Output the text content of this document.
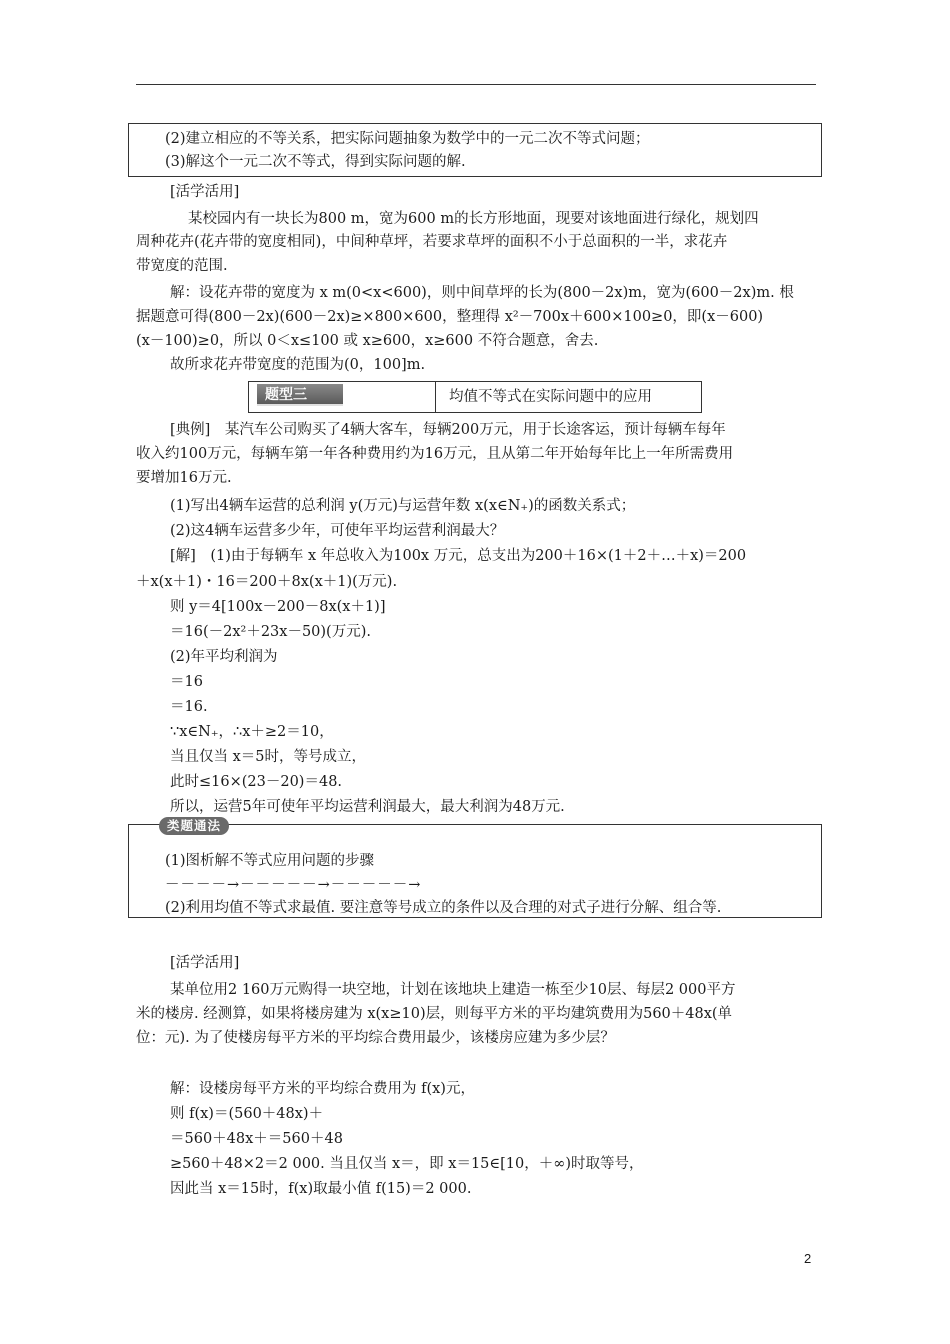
(2)建立相应的不等关系，把实际问题抽象为数学中的一元二次不等式问题；
(3)解这个一元二次不等式，得到实际问题的解.
[活学活用]
某校园内有一块长为800 m，宽为600 m的长方形地面，现要对该地面进行绿化，规划四
周种花卉(花卉带的宽度相同)，中间种草坪，若要求草坪的面积不小于总面积的一半，求花卉
带宽度的范围.
解：设花卉带的宽度为 x m(0<x<600)，则中间草坪的长为(800－2x)m，宽为(600－2x)m. 根
据题意可得(800－2x)(600－2x)≥×800×600，整理得 x²－700x＋600×100≥0，即(x－600)
(x－100)≥0，所以 0＜x≤100 或 x≥600，x≥600 不符合题意，舍去.
故所求花卉带宽度的范围为(0，100]m.
题型三	均值不等式在实际问题中的应用
[典例]　某汽车公司购买了4辆大客车，每辆200万元，用于长途客运，预计每辆车每年
收入约100万元，每辆车第一年各种费用约为16万元，且从第二年开始每年比上一年所需费用
要增加16万元.
(1)写出4辆车运营的总利润 y(万元)与运营年数 x(x∈N₊)的函数关系式；
(2)这4辆车运营多少年，可使年平均运营利润最大？
[解]　(1)由于每辆车 x 年总收入为100x 万元，总支出为200＋16×(1＋2＋…＋x)＝200
＋x(x＋1)・16＝200＋8x(x＋1)(万元).
则 y＝4[100x－200－8x(x＋1)]
＝16(－2x²＋23x－50)(万元).
(2)年平均利润为
＝16
＝16.
∵x∈N₊，∴x＋≥2＝10，
当且仅当 x＝5时，等号成立，
此时≤16×(23－20)＝48.
所以，运营5年可使年平均运营利润最大，最大利润为48万元.
类题通法
(1)图析解不等式应用问题的步骤
－－－－→－－－－－→－－－－－→
(2)利用均值不等式求最值. 要注意等号成立的条件以及合理的对式子进行分解、组合等.
[活学活用]
某单位用2 160万元购得一块空地，计划在该地块上建造一栋至少10层、每层2 000平方
米的楼房. 经测算，如果将楼房建为 x(x≥10)层，则每平方米的平均建筑费用为560＋48x(单
位：元). 为了使楼房每平方米的平均综合费用最少，该楼房应建为多少层？
解：设楼房每平方米的平均综合费用为 f(x)元，
则 f(x)＝(560＋48x)＋
＝560＋48x＋＝560＋48
≥560＋48×2＝2 000. 当且仅当 x＝，即 x＝15∈[10，＋∞)时取等号，
因此当 x＝15时，f(x)取最小值 f(15)＝2 000.
2
